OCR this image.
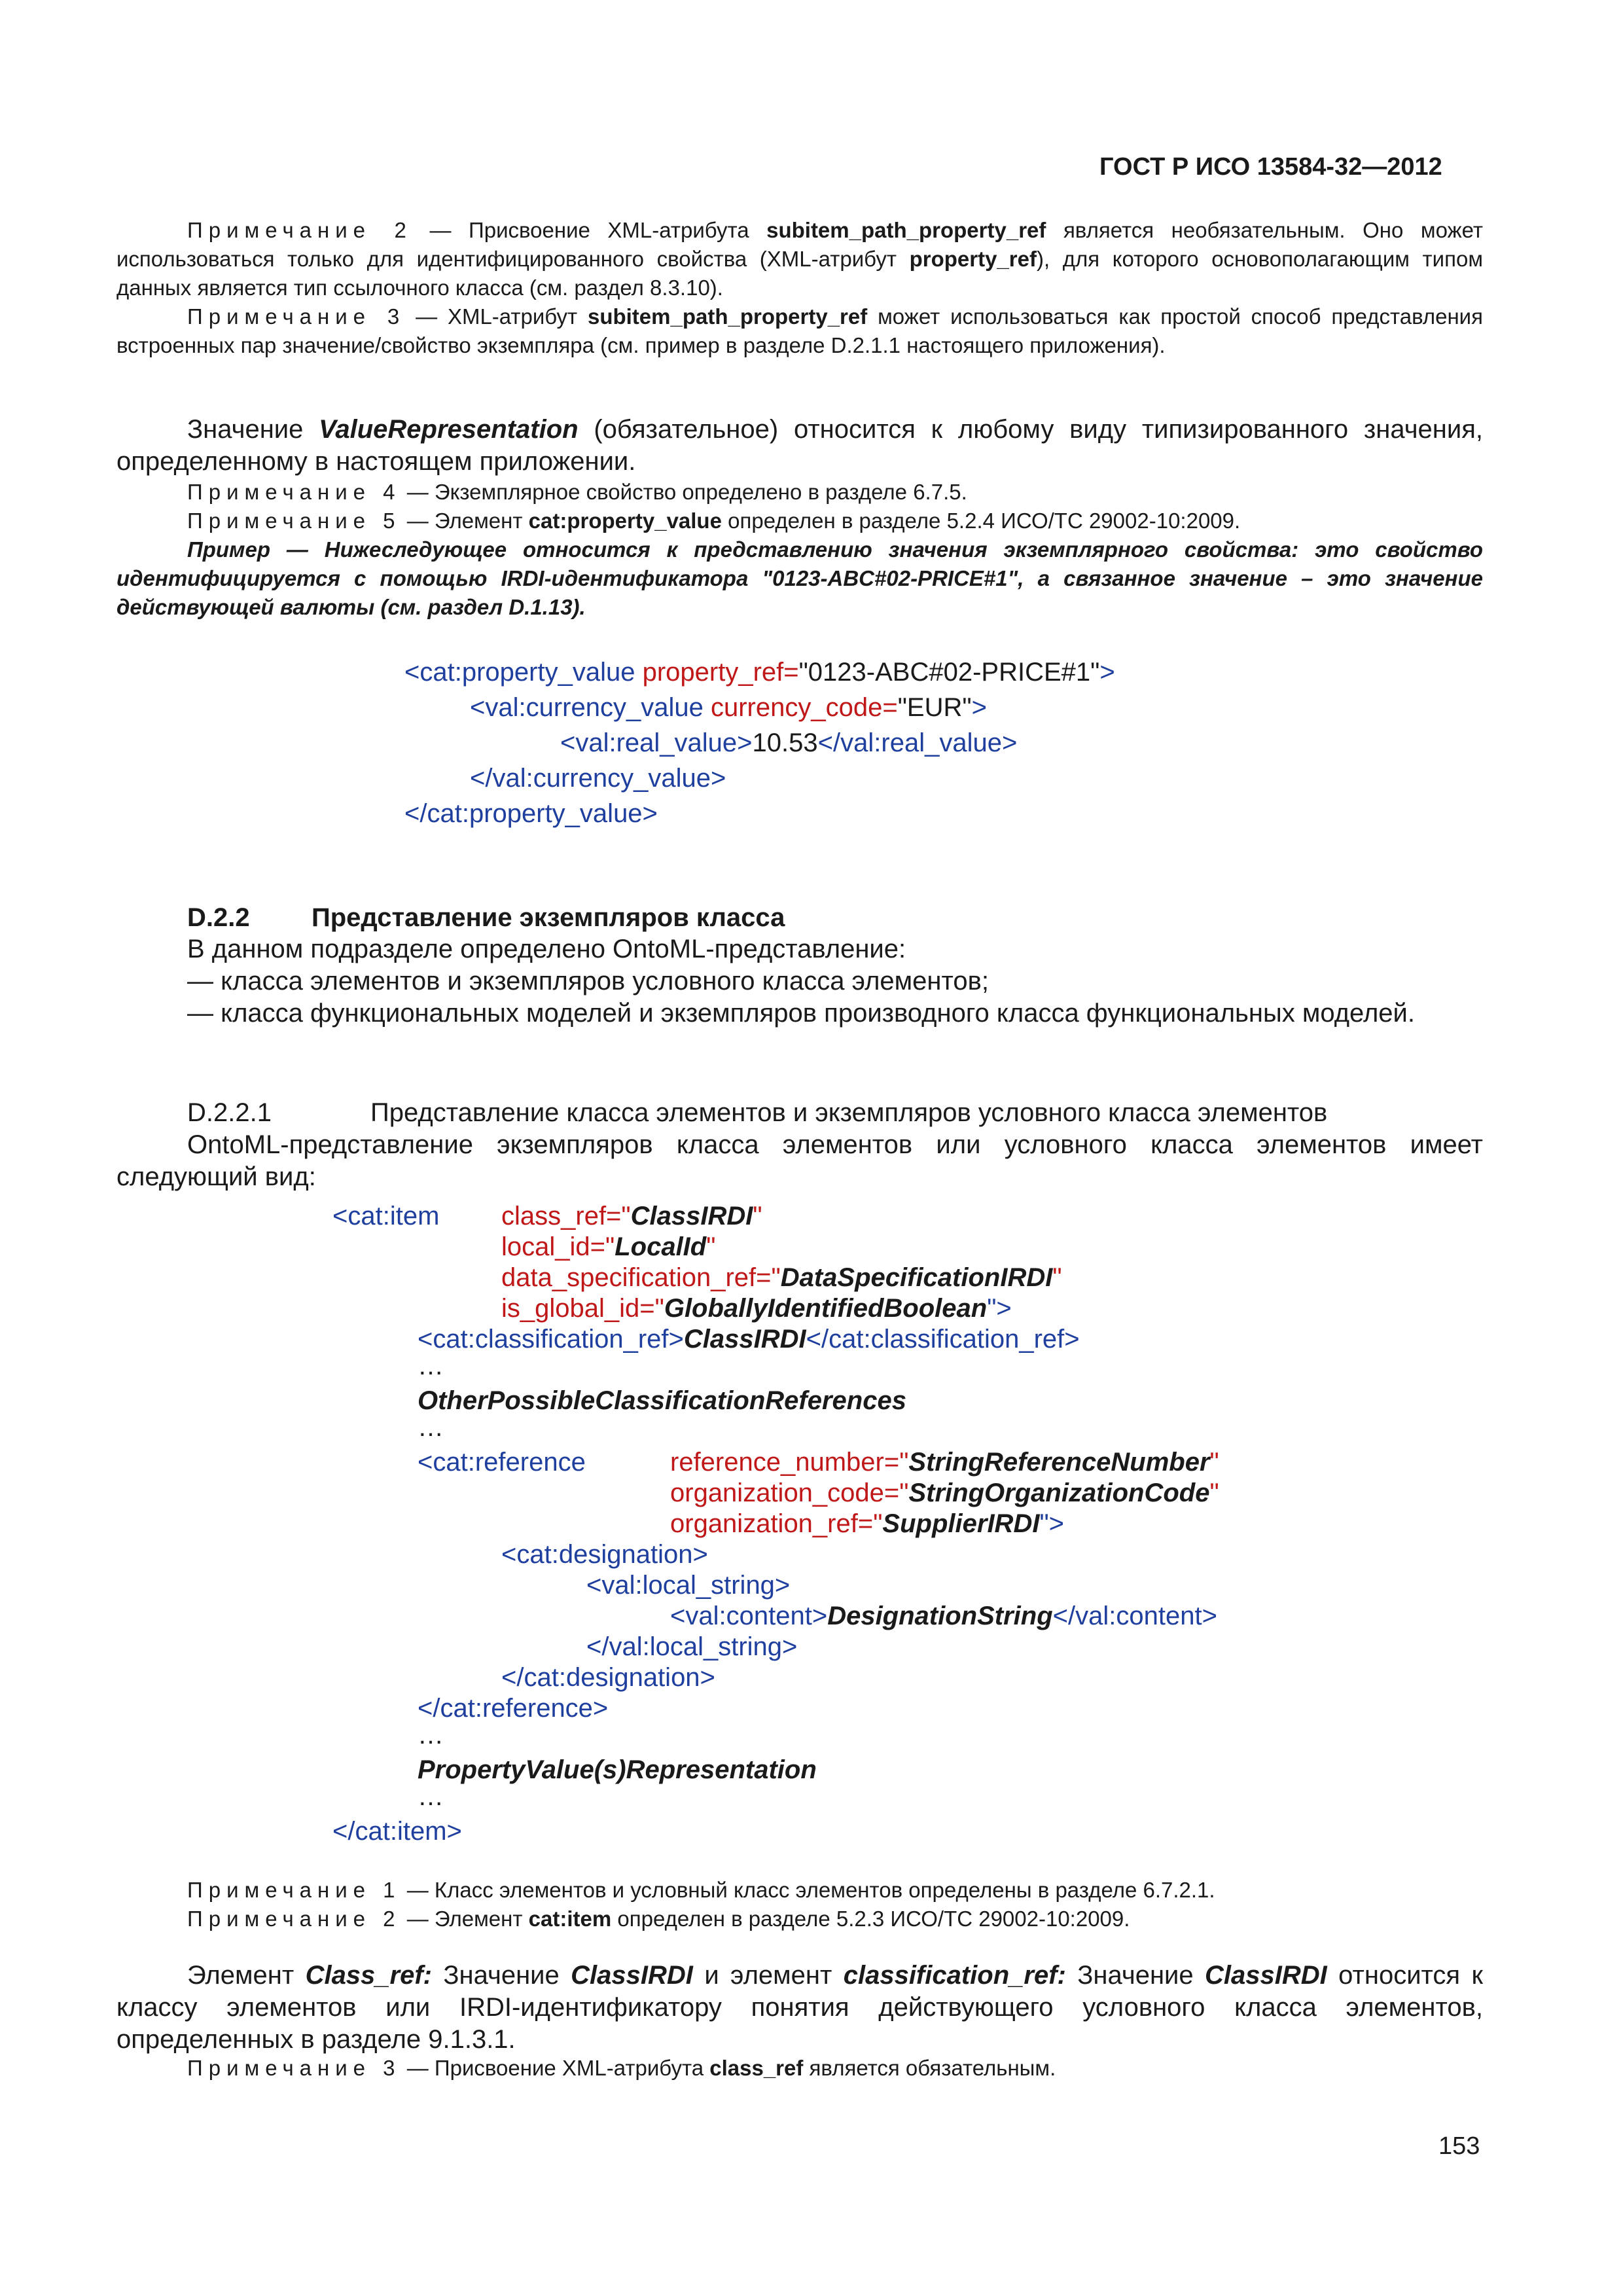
ГОСТ Р ИСО 13584-32—2012
Примечание 2 — Присвоение XML-атрибута subitem_path_property_ref является необязательным. Оно может использоваться только для идентифицированного свойства (XML-атрибут property_ref), для которого основополагающим типом данных является тип ссылочного класса (см. раздел 8.3.10).
Примечание 3 — XML-атрибут subitem_path_property_ref может использоваться как простой способ представления встроенных пар значение/свойство экземпляра (см. пример в разделе D.2.1.1 настоящего приложения).
Значение ValueRepresentation (обязательное) относится к любому виду типизированного значения, определенному в настоящем приложении.
Примечание 4 — Экземплярное свойство определено в разделе 6.7.5.
Примечание 5 — Элемент cat:property_value определен в разделе 5.2.4 ИСО/ТС 29002-10:2009.
Пример — Нижеследующее относится к представлению значения экземплярного свойства: это свойство идентифицируется с помощью IRDI-идентификатора "0123-ABC#02-PRICE#1", а связанное значение – это значение действующей валюты (см. раздел D.1.13).
<cat:property_value property_ref="0123-ABC#02-PRICE#1">
<val:currency_value currency_code="EUR">
<val:real_value>10.53</val:real_value>
</val:currency_value>
</cat:property_value>
D.2.2 Представление экземпляров класса
В данном подразделе определено OntoML-представление:
— класса элементов и экземпляров условного класса элементов;
— класса функциональных моделей и экземпляров производного класса функциональных моделей.
D.2.2.1	Представление класса элементов и экземпляров условного класса элементов
OntoML-представление экземпляров класса элементов или условного класса элементов имеет следующий вид:
<cat:item class_ref="ClassIRDI"
local_id="LocalId"
data_specification_ref="DataSpecificationIRDI"
is_global_id="GloballyIdentifiedBoolean">
<cat:classification_ref>ClassIRDI</cat:classification_ref>
…
OtherPossibleClassificationReferences
…
<cat:reference	reference_number="StringReferenceNumber"
organization_code="StringOrganizationCode"
organization_ref="SupplierIRDI">
<cat:designation>
<val:local_string>
<val:content>DesignationString</val:content>
</val:local_string>
</cat:designation>
</cat:reference>
…
PropertyValue(s)Representation
…
</cat:item>
Примечание 1 — Класс элементов и условный класс элементов определены в разделе 6.7.2.1.
Примечание 2 — Элемент cat:item определен в разделе 5.2.3 ИСО/ТС 29002-10:2009.
Элемент Class_ref: Значение ClassIRDI и элемент classification_ref: Значение ClassIRDI относится к классу элементов или IRDI-идентификатору понятия действующего условного класса элементов, определенных в разделе 9.1.3.1.
Примечание 3 — Присвоение XML-атрибута class_ref является обязательным.
153
